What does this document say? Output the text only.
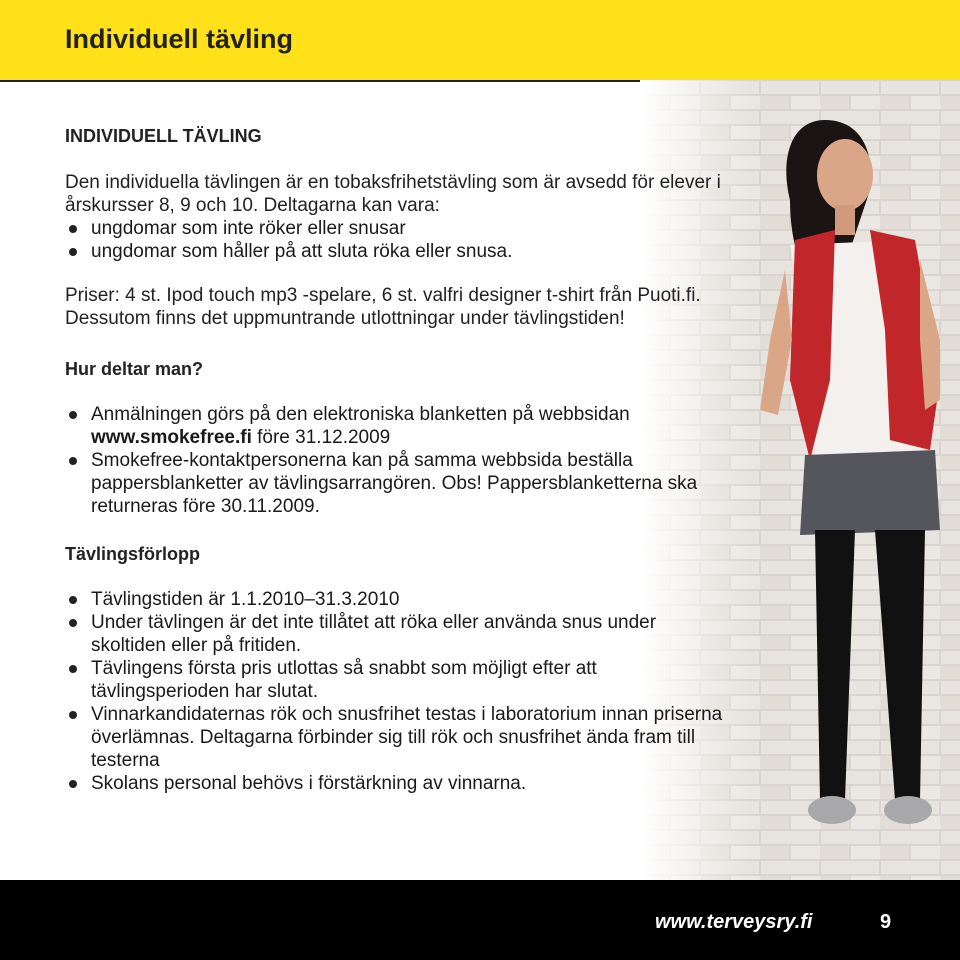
Individuell tävling
INDIVIDUELL TÄVLING

Den individuella tävlingen är en tobaksfrihetstävling som är avsedd för elever i årskursser 8, 9 och 10. Deltagarna kan vara:

ungdomar som inte röker eller snusar
ungdomar som håller på att sluta röka eller snusa.

Priser: 4 st. Ipod touch mp3 -spelare, 6 st. valfri designer t-shirt från Puoti.fi. Dessutom finns det uppmuntrande utlottningar under tävlingstiden!

Hur deltar man?
Anmälningen görs på den elektroniska blanketten på webbsidan www.smokefree.fi före 31.12.2009
Smokefree-kontaktpersonerna kan på samma webbsida beställa pappersblanketter av tävlingsarrangören. Obs! Pappersblanketterna ska returneras före 30.11.2009.
Tävlingsförlopp
Tävlingstiden är 1.1.2010–31.3.2010
Under tävlingen är det inte tillåtet att röka eller använda snus under skoltiden eller på fritiden.
Tävlingens första pris utlottas så snabbt som möjligt efter att tävlingsperioden har slutat.
Vinnarkandidaternas rök och snusfrihet testas i laboratorium innan priserna överlämnas. Deltagarna förbinder sig till rök och snusfrihet ända fram till testerna
Skolans personal behövs i förstärkning av vinnarna.
www.terveysry.fi	9
